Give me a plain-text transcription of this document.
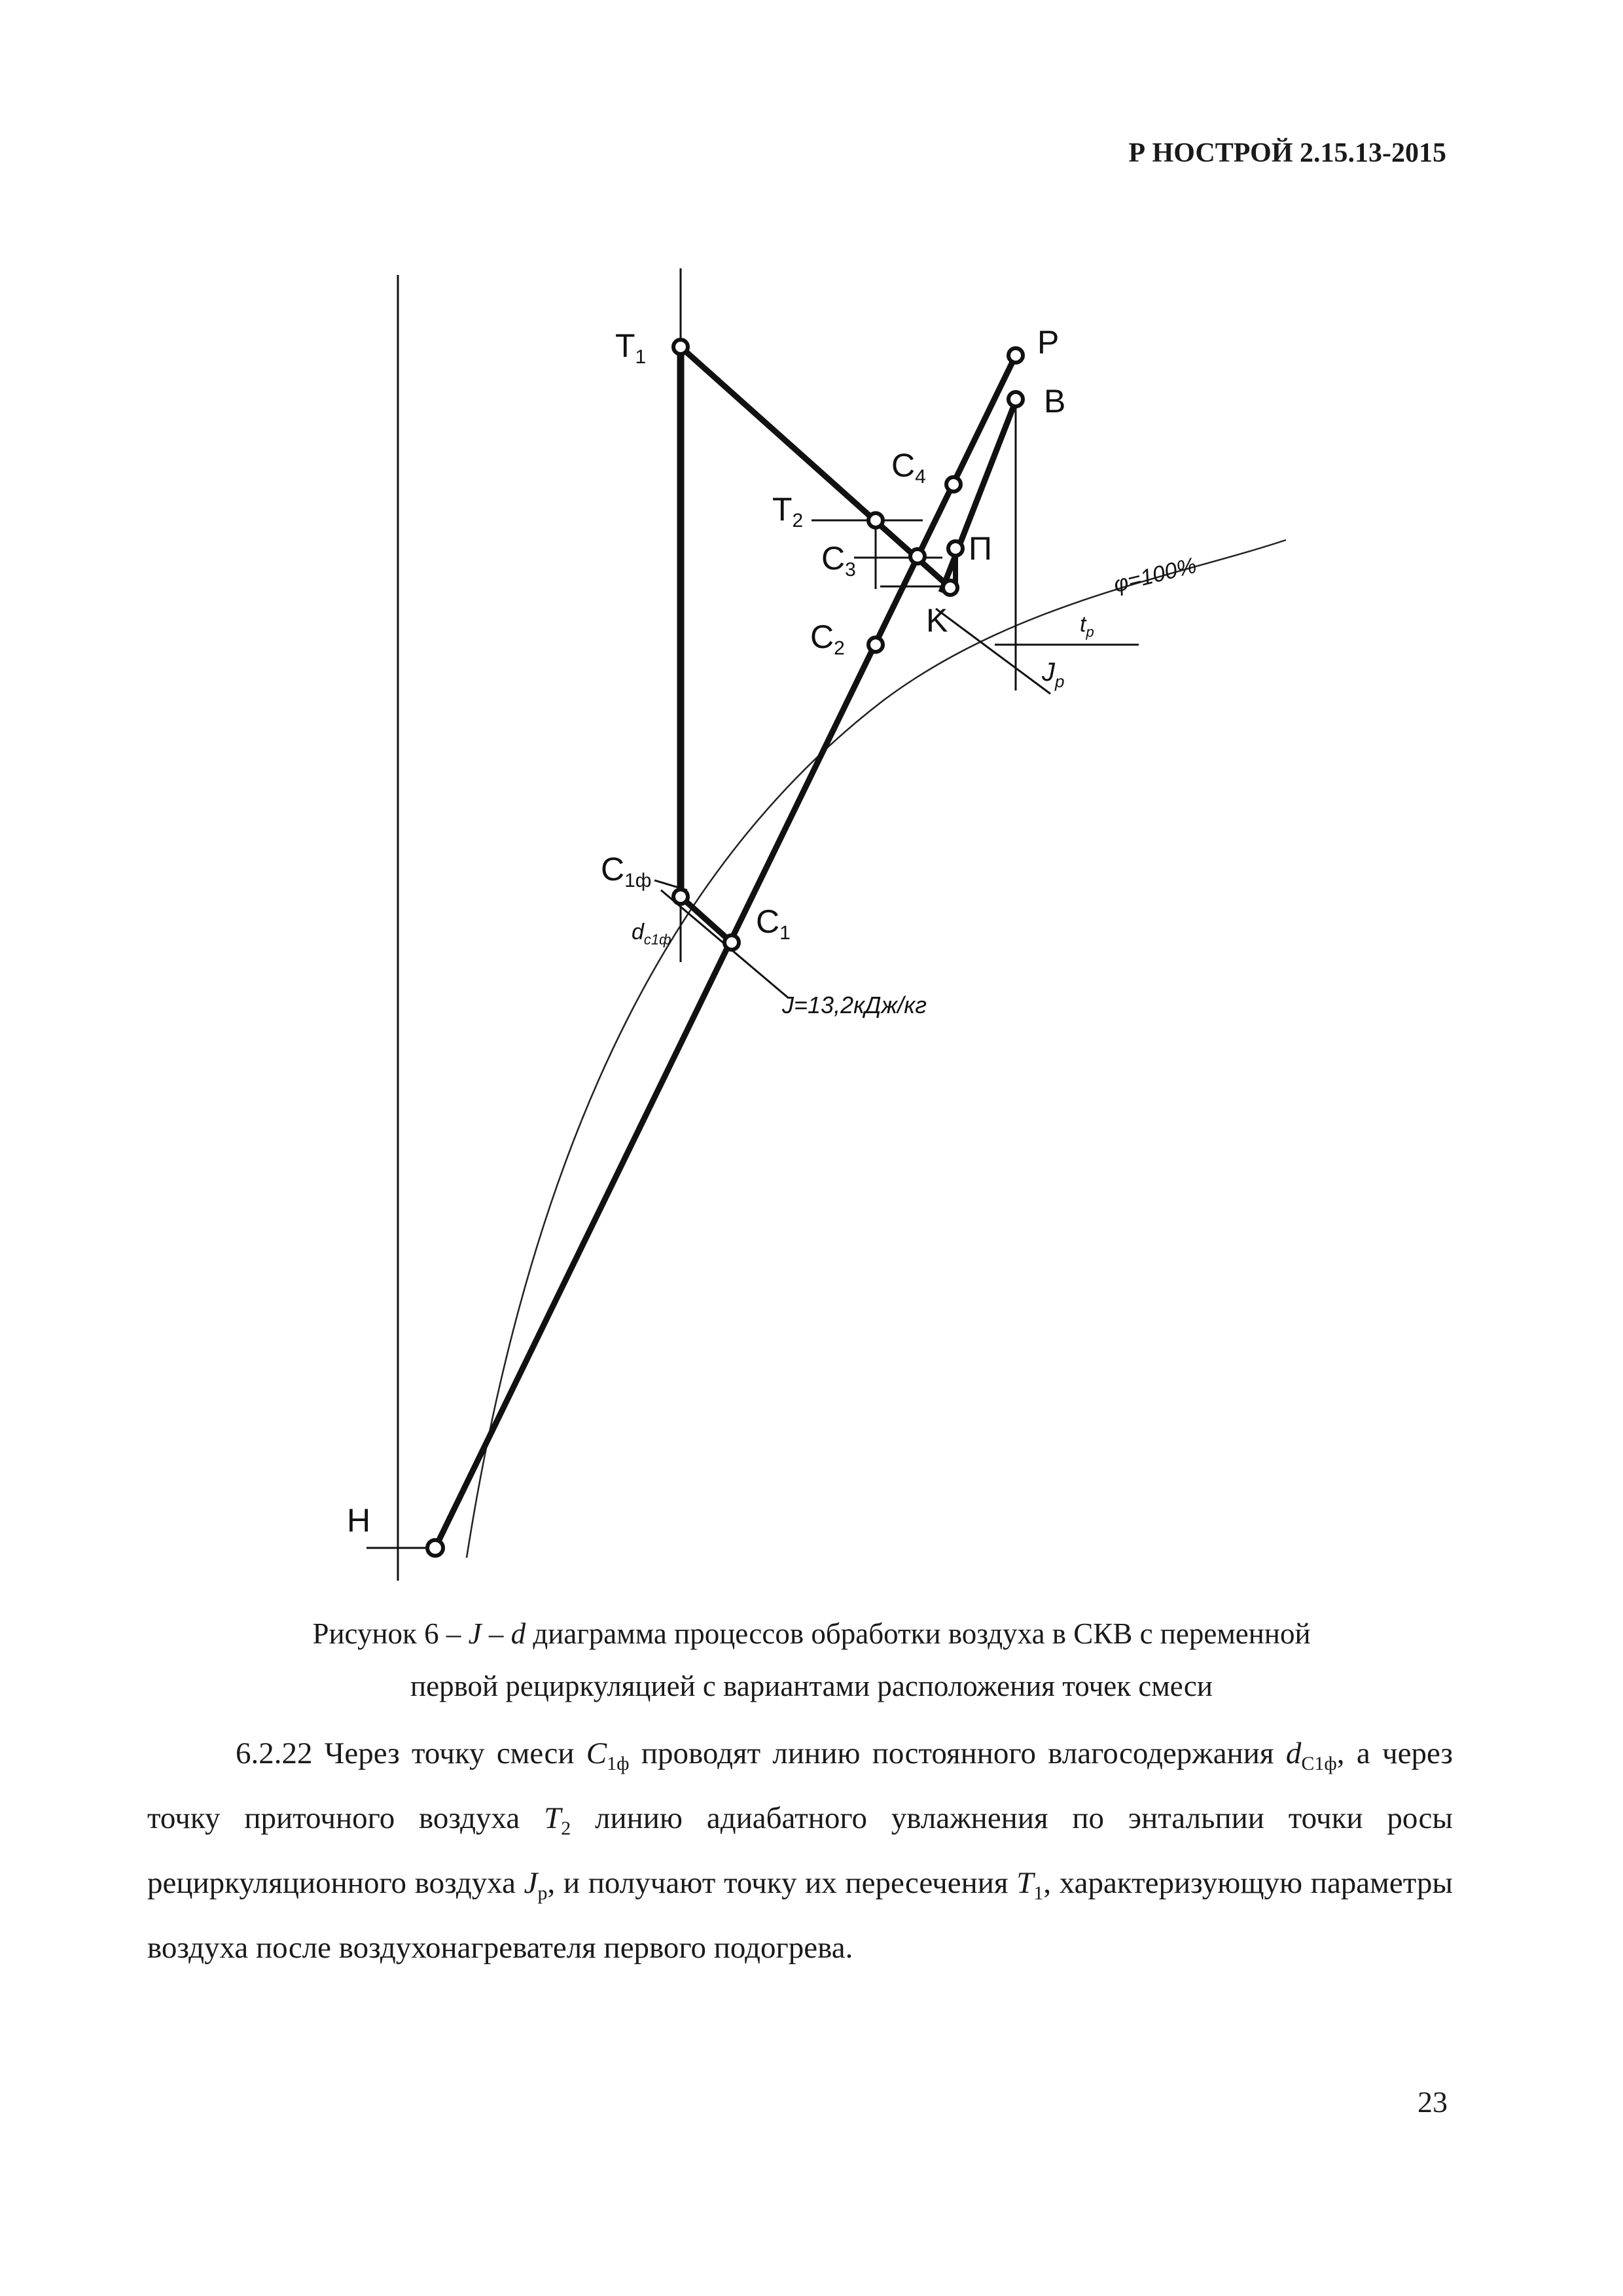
Р НОСТРОЙ 2.15.13-2015
$T_1$	P
B
$C_4$
$T_2$
$C_3$
П
K
$C_2$
$C_{1ф}$
$C_1$
H
φ=100%
$t_р$
$J_р$
$d_{c1ф}$
J=13,2кДж/кг
Рисунок 6 – J – d диаграмма процессов обработки воздуха в СКВ с переменной
первой рециркуляцией с вариантами расположения точек смеси
6.2.22 Через точку смеси $C_{1ф}$ проводят линию постоянного влагосодержания $d_{C1ф}$, а через точку приточного воздуха $T_2$ линию адиабатного увлажнения по энтальпии точки росы рециркуляционного воздуха $J_р$, и получают точку их пересечения $T_1$, характеризующую параметры воздуха после воздухонагревателя первого подогрева.
23
